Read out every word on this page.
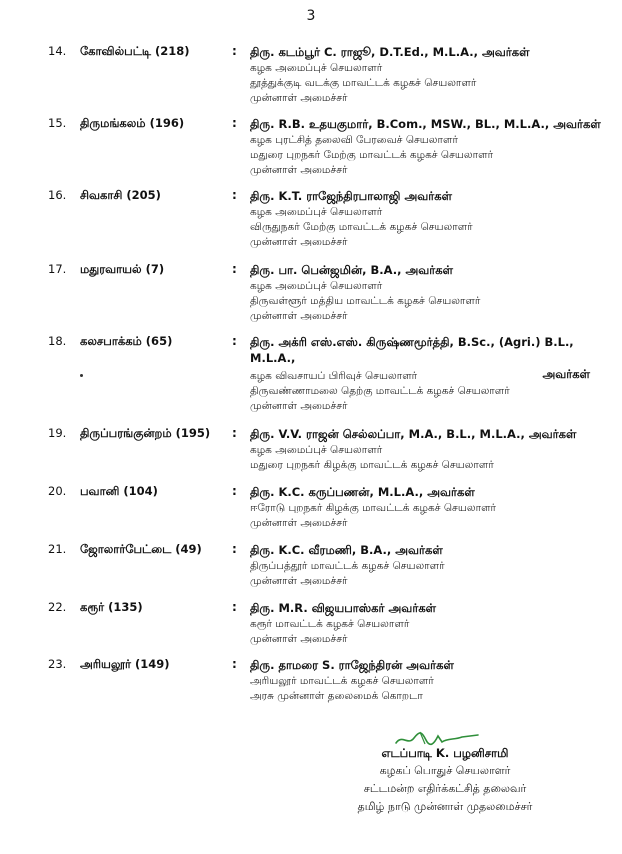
3
14. கோவில்பட்டி (218)	: திரு. கடம்பூர் C. ராஜூ, D.T.Ed., M.L.A., அவர்கள்
கழக அமைப்புச் செயலாளர்
தூத்துக்குடி வடக்கு மாவட்டக் கழகச் செயலாளர்
முன்னாள் அமைச்சர்
15. திருமங்கலம் (196)	: திரு. R.B. உதயகுமார், B.Com., MSW., BL., M.L.A., அவர்கள்
கழக புரட்சித் தலைவி பேரவைச் செயலாளர்
மதுரை புறநகர் மேற்கு மாவட்டக் கழகச் செயலாளர்
முன்னாள் அமைச்சர்
16. சிவகாசி (205)	: திரு. K.T. ராஜேந்திரபாலாஜி அவர்கள்
கழக அமைப்புச் செயலாளர்
விருதுநகர் மேற்கு மாவட்டக் கழகச் செயலாளர்
முன்னாள் அமைச்சர்
17. மதுரவாயல் (7)	: திரு. பா. பென்ஜமின், B.A., அவர்கள்
கழக அமைப்புச் செயலாளர்
திருவள்ளூர் மத்திய மாவட்டக் கழகச் செயலாளர்
முன்னாள் அமைச்சர்
18. கலசபாக்கம் (65)	: திரு. அக்ரி எஸ்.எஸ். கிருஷ்ணமூர்த்தி, B.Sc., (Agri.) B.L., M.L.A.,
அவர்கள்
கழக விவசாயப் பிரிவுச் செயலாளர்
திருவண்ணாமலை தெற்கு மாவட்டக் கழகச் செயலாளர்
முன்னாள் அமைச்சர்
19. திருப்பரங்குன்றம் (195) : திரு. V.V. ராஜன் செல்லப்பா, M.A., B.L., M.L.A., அவர்கள்
கழக அமைப்புச் செயலாளர்
மதுரை புறநகர் கிழக்கு மாவட்டக் கழகச் செயலாளர்
20. பவானி (104)	: திரு. K.C. கருப்பணன், M.L.A., அவர்கள்
ஈரோடு புறநகர் கிழக்கு மாவட்டக் கழகச் செயலாளர்
முன்னாள் அமைச்சர்
21. ஜோலார்பேட்டை (49)	: திரு. K.C. வீரமணி, B.A., அவர்கள்
திருப்பத்தூர் மாவட்டக் கழகச் செயலாளர்
முன்னாள் அமைச்சர்
22. கரூர் (135)	: திரு. M.R. விஜயபாஸ்கர் அவர்கள்
கரூர் மாவட்டக் கழகச் செயலாளர்
முன்னாள் அமைச்சர்
23. அரியலூர் (149)	: திரு. தாமரை S. ராஜேந்திரன் அவர்கள்
அரியலூர் மாவட்டக் கழகச் செயலாளர்
அரசு முன்னாள் தலைமைக் கொறடா
எடப்பாடி K. பழனிசாமி
கழகப் பொதுச் செயலாளர்
சட்டமன்ற எதிர்க்கட்சித் தலைவர்
தமிழ் நாடு முன்னாள் முதலமைச்சர்
